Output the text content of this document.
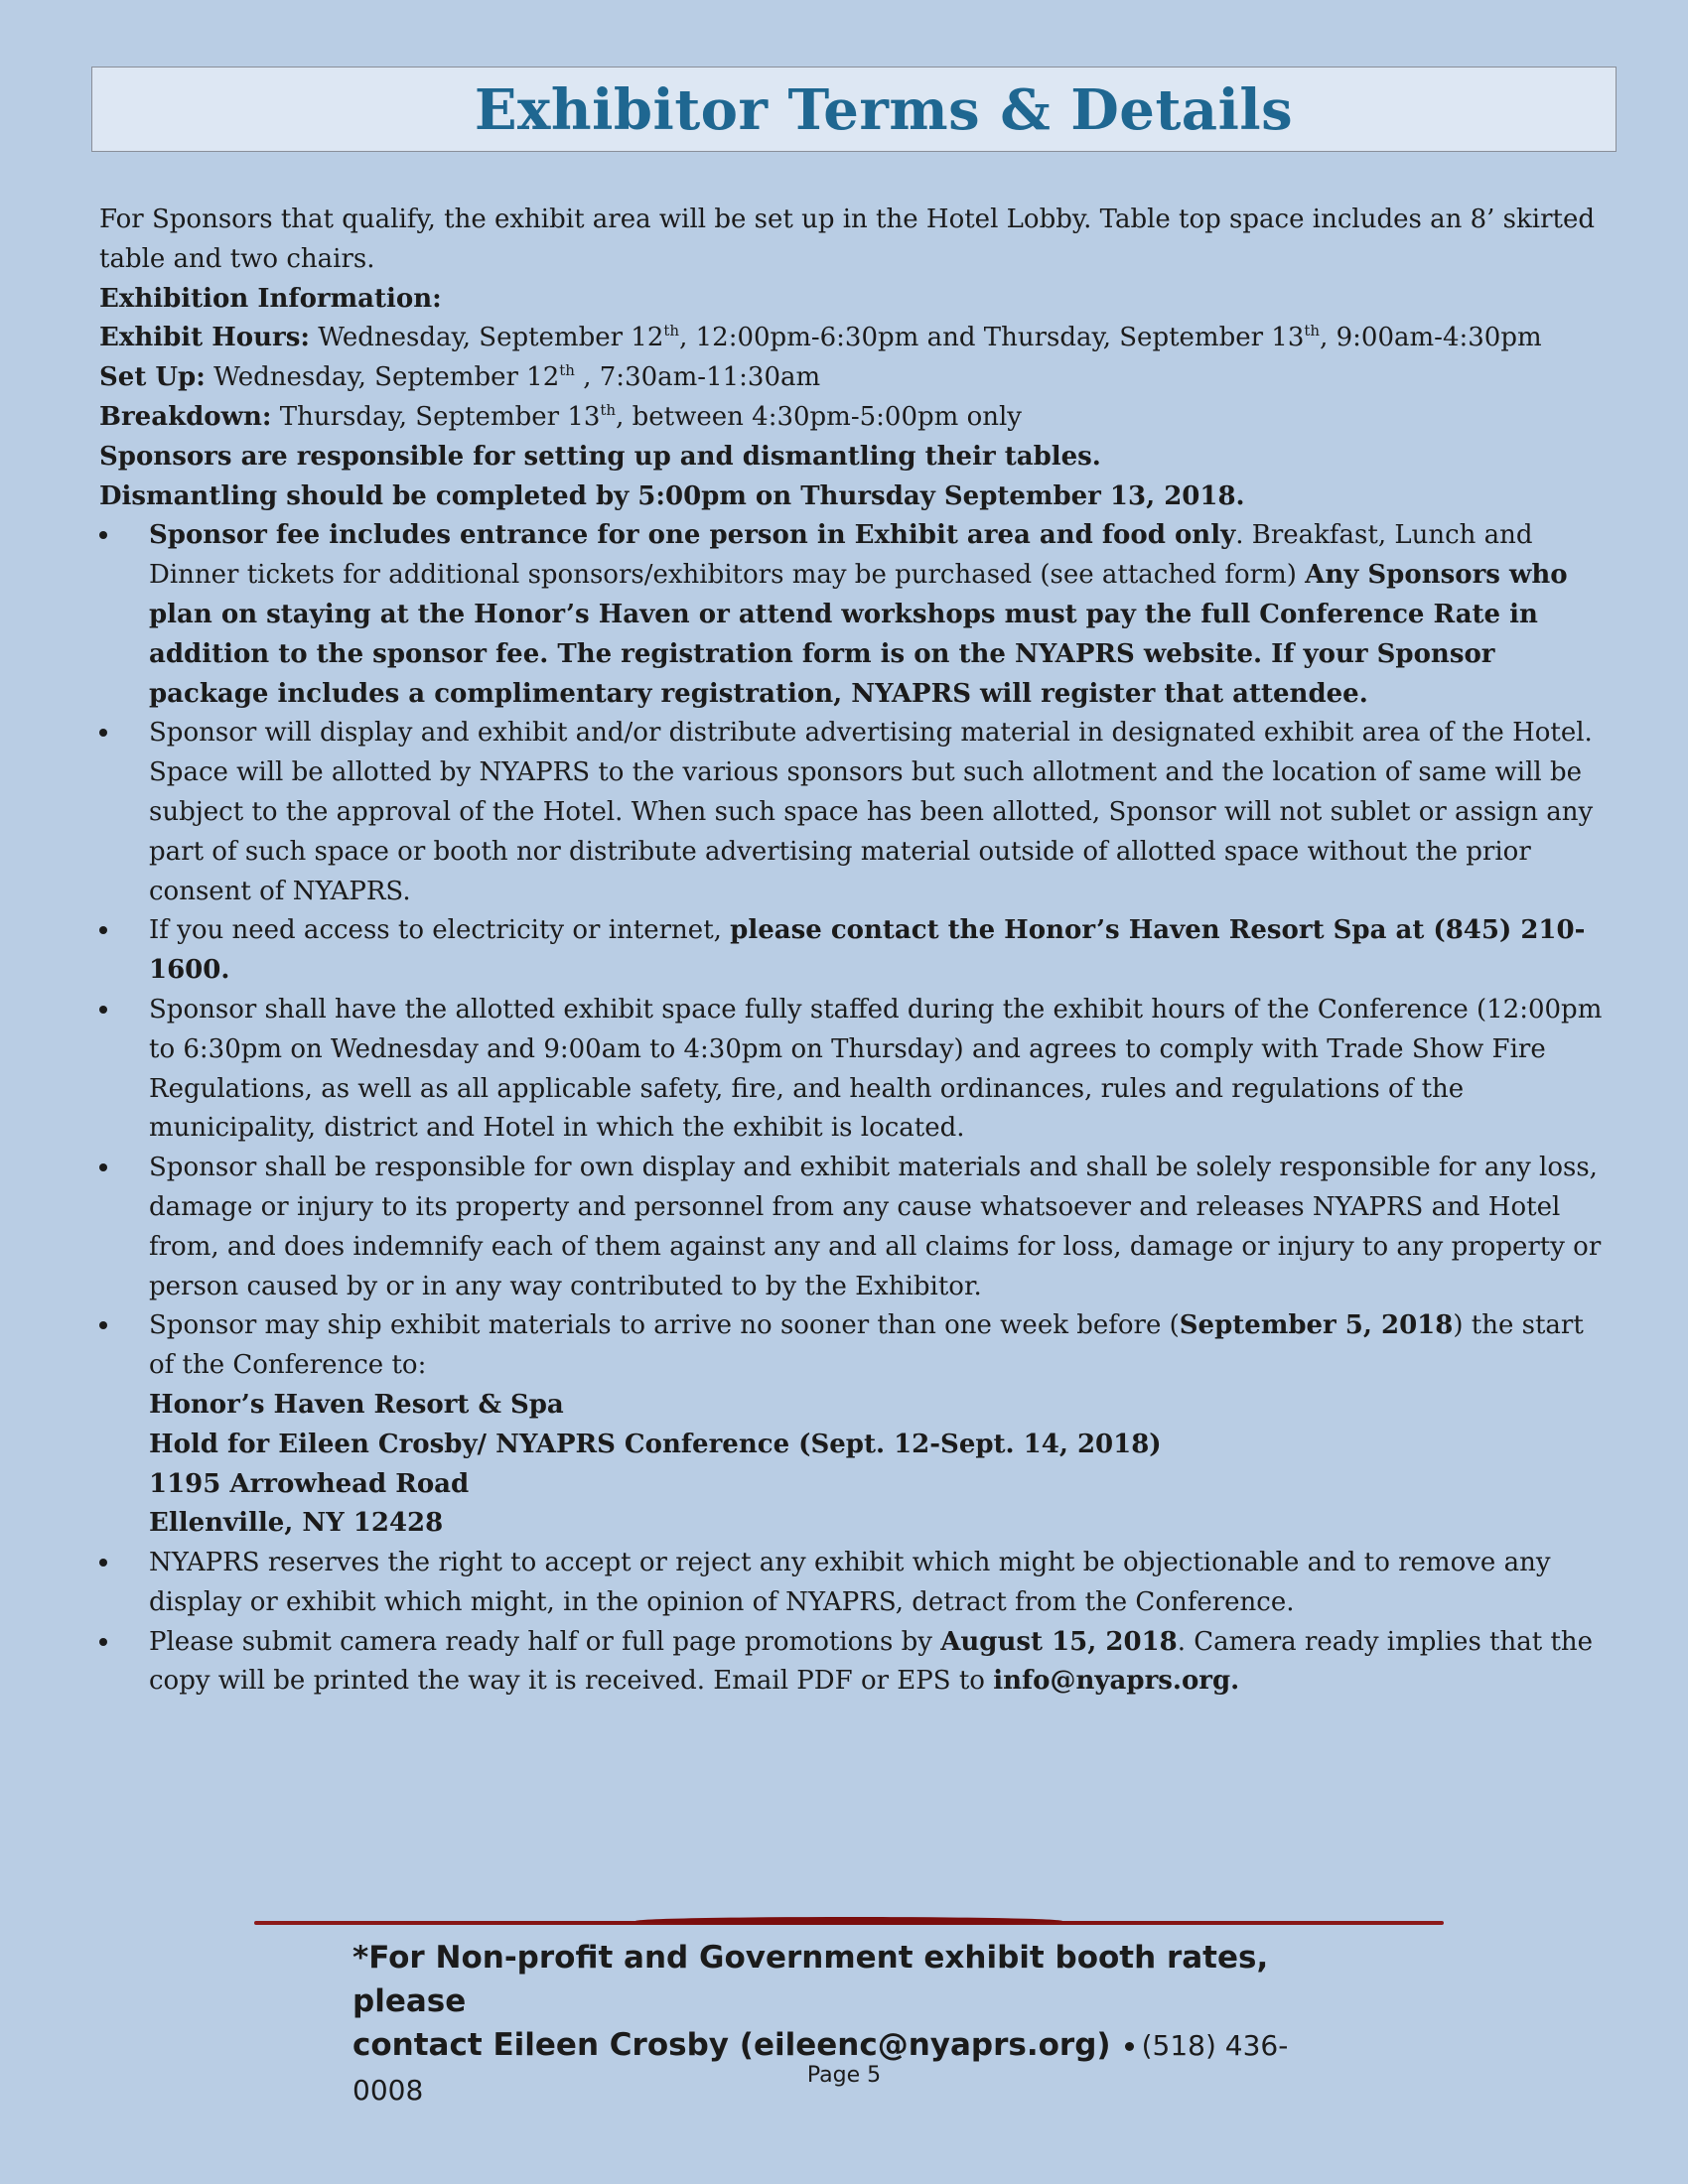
Exhibitor Terms & Details

For Sponsors that qualify, the exhibit area will be set up in the Hotel Lobby. Table top space includes an 8’ skirted table and two chairs.

Exhibition Information:

Exhibit Hours: Wednesday, September 12th, 12:00pm-6:30pm and Thursday, September 13th, 9:00am-4:30pm

Set Up: Wednesday, September 12th , 7:30am-11:30am

Breakdown: Thursday, September 13th, between 4:30pm-5:00pm only

Sponsors are responsible for setting up and dismantling their tables.

Dismantling should be completed by 5:00pm on Thursday September 13, 2018.

Sponsor fee includes entrance for one person in Exhibit area and food only. Breakfast, Lunch and Dinner tickets for additional sponsors/exhibitors may be purchased (see attached form) Any Sponsors who plan on staying at the Honor’s Haven or attend workshops must pay the full Conference Rate in addition to the sponsor fee. The registration form is on the NYAPRS website. If your Sponsor package includes a complimentary registration, NYAPRS will register that attendee.
Sponsor will display and exhibit and/or distribute advertising material in designated exhibit area of the Hotel. Space will be allotted by NYAPRS to the various sponsors but such allotment and the location of same will be subject to the approval of the Hotel. When such space has been allotted, Sponsor will not sublet or assign any part of such space or booth nor distribute advertising material outside of allotted space without the prior consent of NYAPRS.
If you need access to electricity or internet, please contact the Honor’s Haven Resort Spa at (845) 210-1600.
Sponsor shall have the allotted exhibit space fully staffed during the exhibit hours of the Conference (12:00pm to 6:30pm on Wednesday and 9:00am to 4:30pm on Thursday) and agrees to comply with Trade Show Fire Regulations, as well as all applicable safety, fire, and health ordinances, rules and regulations of the municipality, district and Hotel in which the exhibit is located.
Sponsor shall be responsible for own display and exhibit materials and shall be solely responsible for any loss, damage or injury to its property and personnel from any cause whatsoever and releases NYAPRS and Hotel from, and does indemnify each of them against any and all claims for loss, damage or injury to any property or person caused by or in any way contributed to by the Exhibitor.
Sponsor may ship exhibit materials to arrive no sooner than one week before (September 5, 2018) the start of the Conference to:
Honor’s Haven Resort & Spa
Hold for Eileen Crosby/ NYAPRS Conference (Sept. 12-Sept. 14, 2018)
1195 Arrowhead Road
Ellenville, NY 12428
NYAPRS reserves the right to accept or reject any exhibit which might be objectionable and to remove any display or exhibit which might, in the opinion of NYAPRS, detract from the Conference.
Please submit camera ready half or full page promotions by August 15, 2018. Camera ready implies that the copy will be printed the way it is received. Email PDF or EPS to info@nyaprs.org.
*For Non-profit and Government exhibit booth rates, please
contact Eileen Crosby (eileenc@nyaprs.org) (518) 436-0008	Page 5
